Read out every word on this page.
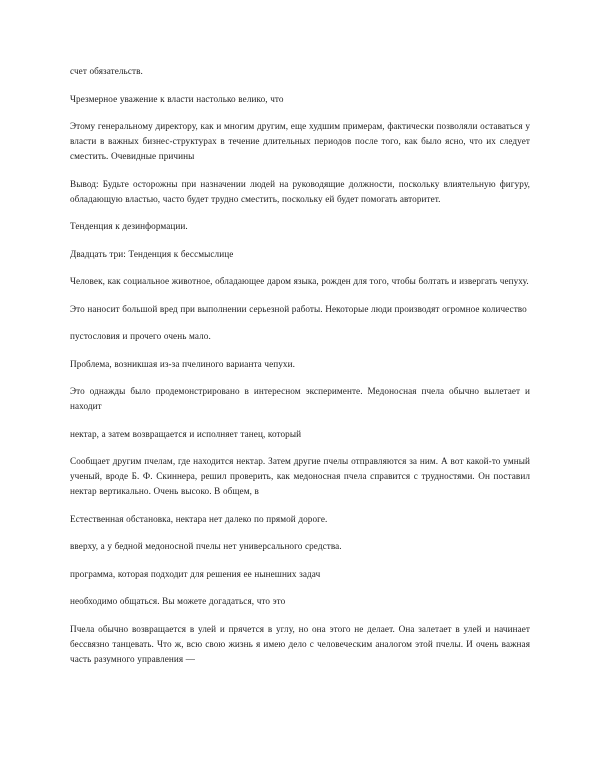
счет обязательств.

Чрезмерное уважение к власти настолько велико, что

Этому генеральному директору, как и многим другим, еще худшим примерам, фактически позволяли оставаться у власти в важных бизнес-структурах в течение длительных периодов после того, как было ясно, что их следует сместить. Очевидные причины

Вывод: Будьте осторожны при назначении людей на руководящие должности, поскольку влиятельную фигуру, обладающую властью, часто будет трудно сместить, поскольку ей будет помогать авторитет.

Тенденция к дезинформации.

Двадцать три: Тенденция к бессмыслице

Человек, как социальное животное, обладающее даром языка, рожден для того, чтобы болтать и извергать чепуху.

Это наносит большой вред при выполнении серьезной работы. Некоторые люди производят огромное количество

пустословия и прочего очень мало.

Проблема, возникшая из-за пчелиного варианта чепухи.

Это однажды было продемонстрировано в интересном эксперименте. Медоносная пчела обычно вылетает и находит

нектар, а затем возвращается и исполняет танец, который

Сообщает другим пчелам, где находится нектар. Затем другие пчелы отправляются за ним. А вот какой-то умный ученый, вроде Б. Ф. Скиннера, решил проверить, как медоносная пчела справится с трудностями. Он поставил нектар вертикально. Очень высоко. В общем, в

Естественная обстановка, нектара нет далеко по прямой дороге.

вверху, а у бедной медоносной пчелы нет универсального средства.

программа, которая подходит для решения ее нынешних задач

необходимо общаться. Вы можете догадаться, что это

Пчела обычно возвращается в улей и прячется в углу, но она этого не делает. Она залетает в улей и начинает бессвязно танцевать. Что ж, всю свою жизнь я имею дело с человеческим аналогом этой пчелы. И очень важная часть разумного управления —
